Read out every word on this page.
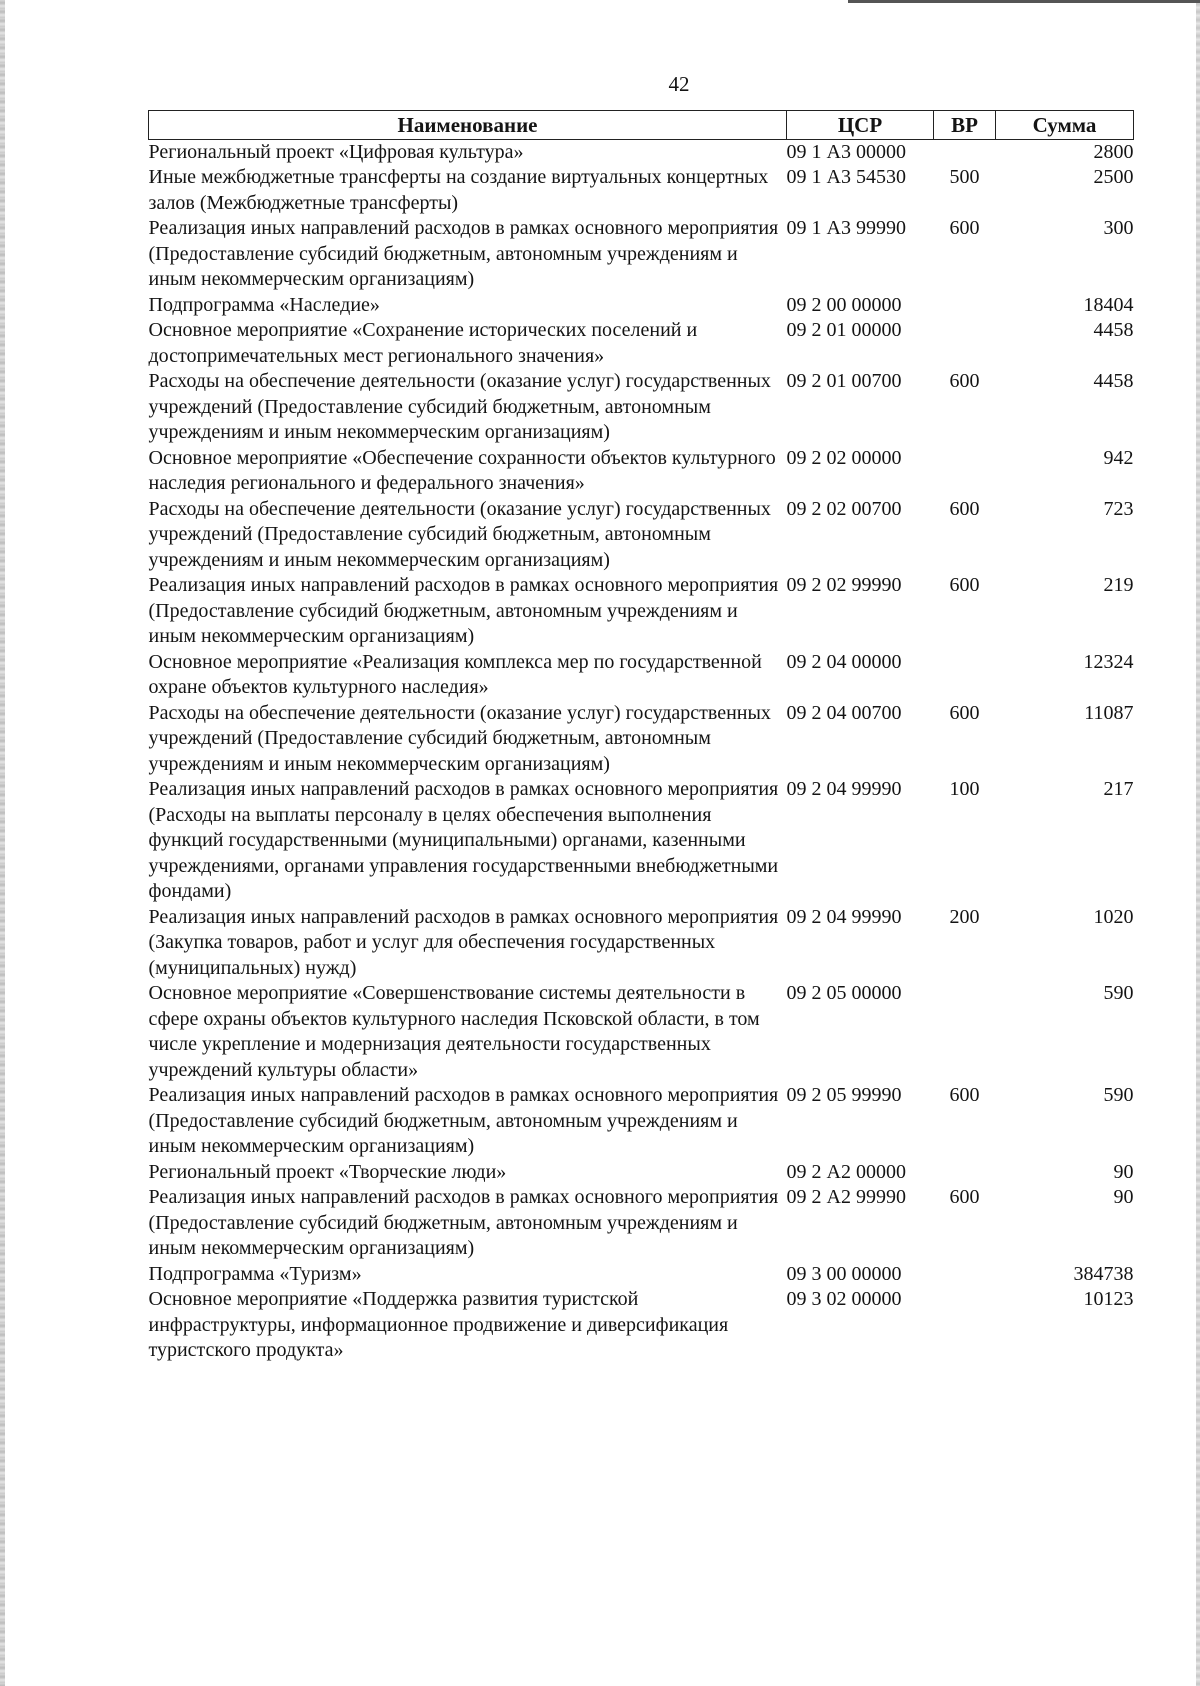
42
Наименование	ЦСР	ВР	Сумма
Региональный проект «Цифровая культура»	09 1 А3 00000		2800
Иные межбюджетные трансферты на создание виртуальных концертных залов (Межбюджетные трансферты)	09 1 А3 54530	500	2500
Реализация иных направлений расходов в рамках основного мероприятия (Предоставление субсидий бюджетным, автономным учреждениям и иным некоммерческим организациям)	09 1 А3 99990	600	300
Подпрограмма «Наследие»	09 2 00 00000		18404
Основное мероприятие «Сохранение исторических поселений и достопримечательных мест регионального значения»	09 2 01 00000		4458
Расходы на обеспечение деятельности (оказание услуг) государственных учреждений (Предоставление субсидий бюджетным, автономным учреждениям и иным некоммерческим организациям)	09 2 01 00700	600	4458
Основное мероприятие «Обеспечение сохранности объектов культурного наследия регионального и федерального значения»	09 2 02 00000		942
Расходы на обеспечение деятельности (оказание услуг) государственных учреждений (Предоставление субсидий бюджетным, автономным учреждениям и иным некоммерческим организациям)	09 2 02 00700	600	723
Реализация иных направлений расходов в рамках основного мероприятия (Предоставление субсидий бюджетным, автономным учреждениям и иным некоммерческим организациям)	09 2 02 99990	600	219
Основное мероприятие «Реализация комплекса мер по государственной охране объектов культурного наследия»	09 2 04 00000		12324
Расходы на обеспечение деятельности (оказание услуг) государственных учреждений (Предоставление субсидий бюджетным, автономным учреждениям и иным некоммерческим организациям)	09 2 04 00700	600	11087
Реализация иных направлений расходов в рамках основного мероприятия (Расходы на выплаты персоналу в целях обеспечения выполнения функций государственными (муниципальными) органами, казенными учреждениями, органами управления государственными внебюджетными фондами)	09 2 04 99990	100	217
Реализация иных направлений расходов в рамках основного мероприятия (Закупка товаров, работ и услуг для обеспечения государственных (муниципальных) нужд)	09 2 04 99990	200	1020
Основное мероприятие «Совершенствование системы деятельности в сфере охраны объектов культурного наследия Псковской области, в том числе укрепление и модернизация деятельности государственных учреждений культуры области»	09 2 05 00000		590
Реализация иных направлений расходов в рамках основного мероприятия (Предоставление субсидий бюджетным, автономным учреждениям и иным некоммерческим организациям)	09 2 05 99990	600	590
Региональный проект «Творческие люди»	09 2 А2 00000		90
Реализация иных направлений расходов в рамках основного мероприятия (Предоставление субсидий бюджетным, автономным учреждениям и иным некоммерческим организациям)	09 2 А2 99990	600	90
Подпрограмма «Туризм»	09 3 00 00000		384738
Основное мероприятие «Поддержка развития туристской инфраструктуры, информационное продвижение и диверсификация туристского продукта»	09 3 02 00000		10123
